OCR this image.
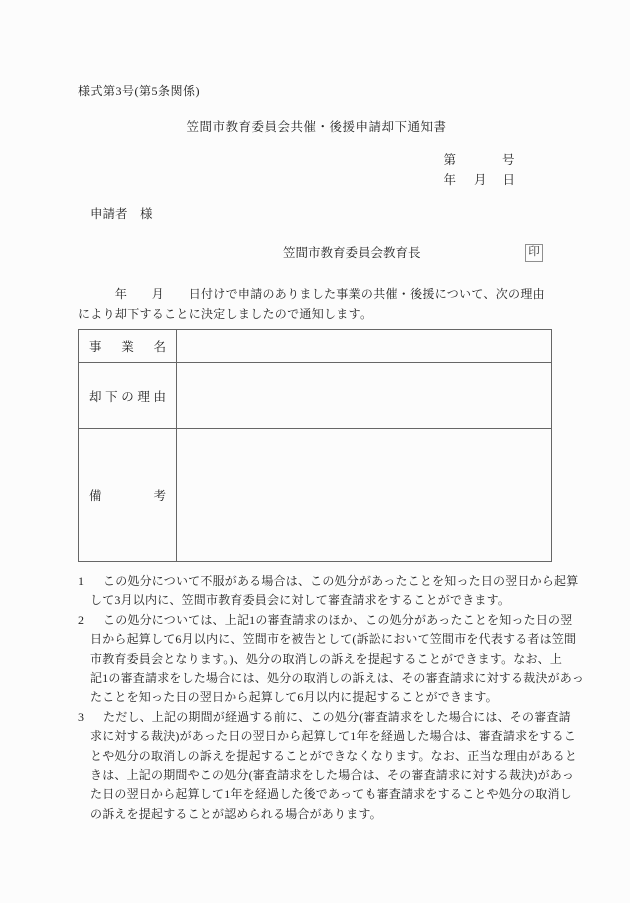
様式第3号(第5条関係)
笠間市教育委員会共催・後援申請却下通知書
第	号
年 月 日
申請者　様
笠間市教育委員会教育長	印
　　　年　　月　　日付けで申請のありました事業の共催・後援について、次の理由
により却下することに決定しましたので通知します。
事 業 名
却 下 の 理 由
備	考
1 この処分について不服がある場合は、この処分があったことを知った日の翌日から起算
して3月以内に、笠間市教育委員会に対して審査請求をすることができます。
2 この処分については、上記1の審査請求のほか、この処分があったことを知った日の翌
日から起算して6月以内に、笠間市を被告として(訴訟において笠間市を代表する者は笠間
市教育委員会となります。)、処分の取消しの訴えを提起することができます。なお、上
記1の審査請求をした場合には、処分の取消しの訴えは、その審査請求に対する裁決があっ
たことを知った日の翌日から起算して6月以内に提起することができます。
3 ただし、上記の期間が経過する前に、この処分(審査請求をした場合には、その審査請
求に対する裁決)があった日の翌日から起算して1年を経過した場合は、審査請求をするこ
とや処分の取消しの訴えを提起することができなくなります。なお、正当な理由があると
きは、上記の期間やこの処分(審査請求をした場合は、その審査請求に対する裁決)があっ
た日の翌日から起算して1年を経過した後であっても審査請求をすることや処分の取消し
の訴えを提起することが認められる場合があります。
